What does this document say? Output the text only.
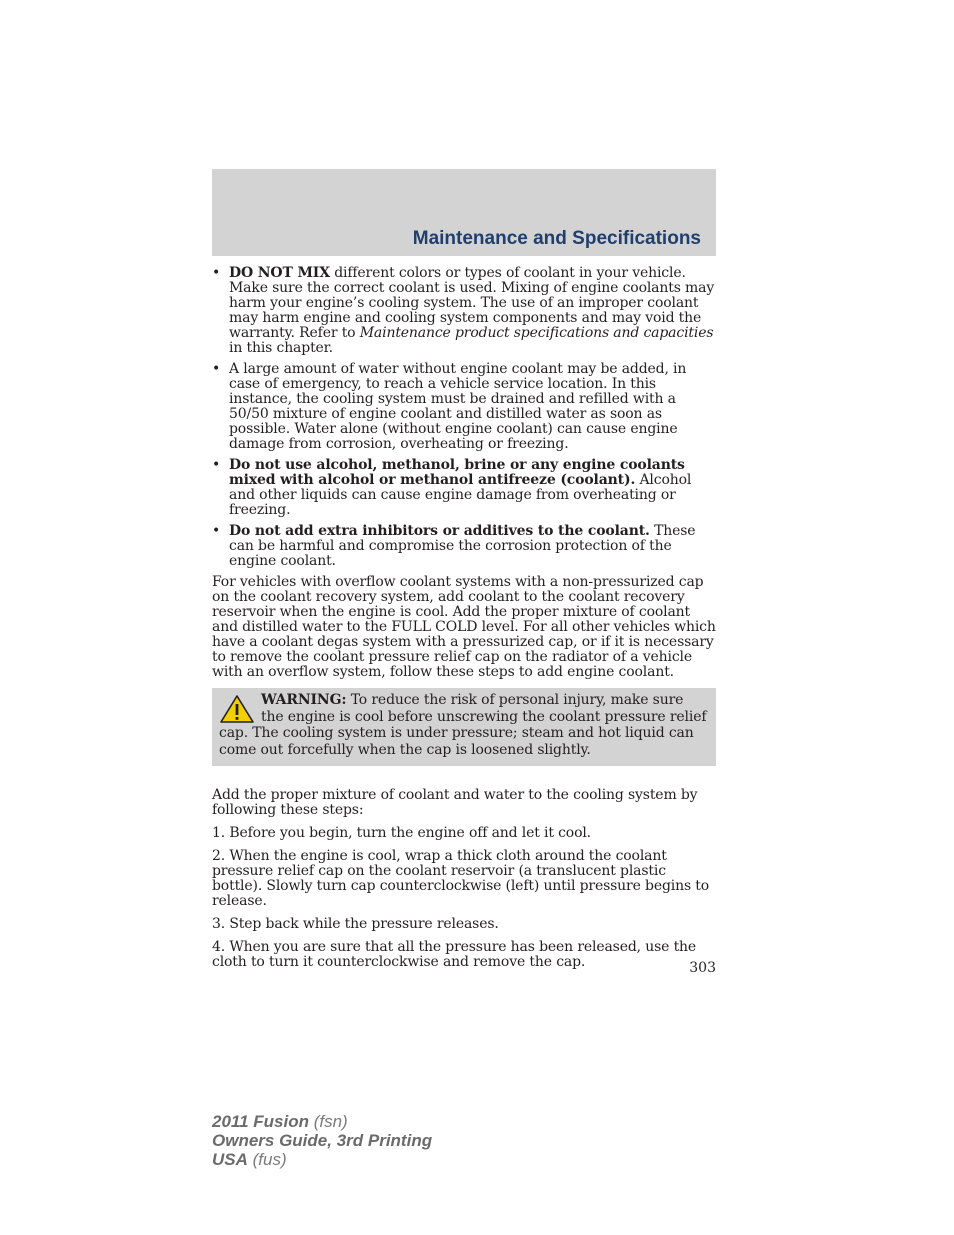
Maintenance and Specifications
• DO NOT MIX different colors or types of coolant in your vehicle. Make sure the correct coolant is used. Mixing of engine coolants may harm your engine’s cooling system. The use of an improper coolant may harm engine and cooling system components and may void the warranty. Refer to Maintenance product specifications and capacities in this chapter.
• A large amount of water without engine coolant may be added, in case of emergency, to reach a vehicle service location. In this instance, the cooling system must be drained and refilled with a 50/50 mixture of engine coolant and distilled water as soon as possible. Water alone (without engine coolant) can cause engine damage from corrosion, overheating or freezing.
• Do not use alcohol, methanol, brine or any engine coolants mixed with alcohol or methanol antifreeze (coolant). Alcohol and other liquids can cause engine damage from overheating or freezing.
• Do not add extra inhibitors or additives to the coolant. These can be harmful and compromise the corrosion protection of the engine coolant.

For vehicles with overflow coolant systems with a non-pressurized cap on the coolant recovery system, add coolant to the coolant recovery reservoir when the engine is cool. Add the proper mixture of coolant and distilled water to the FULL COLD level. For all other vehicles which have a coolant degas system with a pressurized cap, or if it is necessary to remove the coolant pressure relief cap on the radiator of a vehicle with an overflow system, follow these steps to add engine coolant.

WARNING: To reduce the risk of personal injury, make sure the engine is cool before unscrewing the coolant pressure relief cap. The cooling system is under pressure; steam and hot liquid can come out forcefully when the cap is loosened slightly.

Add the proper mixture of coolant and water to the cooling system by following these steps:

1. Before you begin, turn the engine off and let it cool.

2. When the engine is cool, wrap a thick cloth around the coolant pressure relief cap on the coolant reservoir (a translucent plastic bottle). Slowly turn cap counterclockwise (left) until pressure begins to release.

3. Step back while the pressure releases.

4. When you are sure that all the pressure has been released, use the cloth to turn it counterclockwise and remove the cap.	303
2011 Fusion (fsn)
Owners Guide, 3rd Printing
USA (fus)
